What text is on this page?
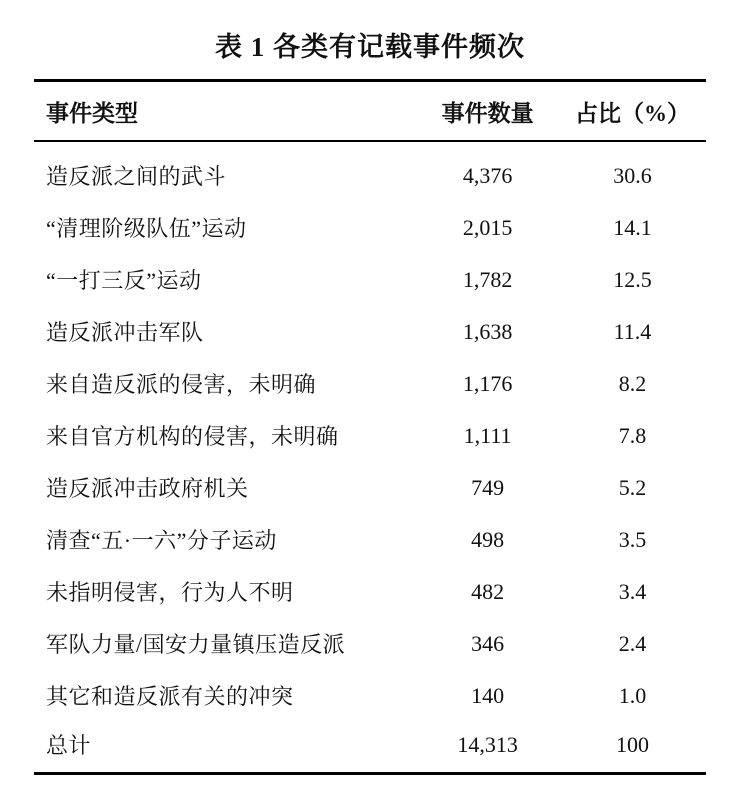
表 1 各类有记载事件频次

事件类型	事件数量	占比（%）
造反派之间的武斗	4,376	30.6
“清理阶级队伍”运动	2,015	14.1
“一打三反”运动	1,782	12.5
造反派冲击军队	1,638	11.4
来自造反派的侵害，未明确	1,176	8.2
来自官方机构的侵害，未明确	1,111	7.8
造反派冲击政府机关	749	5.2
清查“五·一六”分子运动	498	3.5
未指明侵害，行为人不明	482	3.4
军队力量/国安力量镇压造反派	346	2.4
其它和造反派有关的冲突	140	1.0
总计	14,313	100
